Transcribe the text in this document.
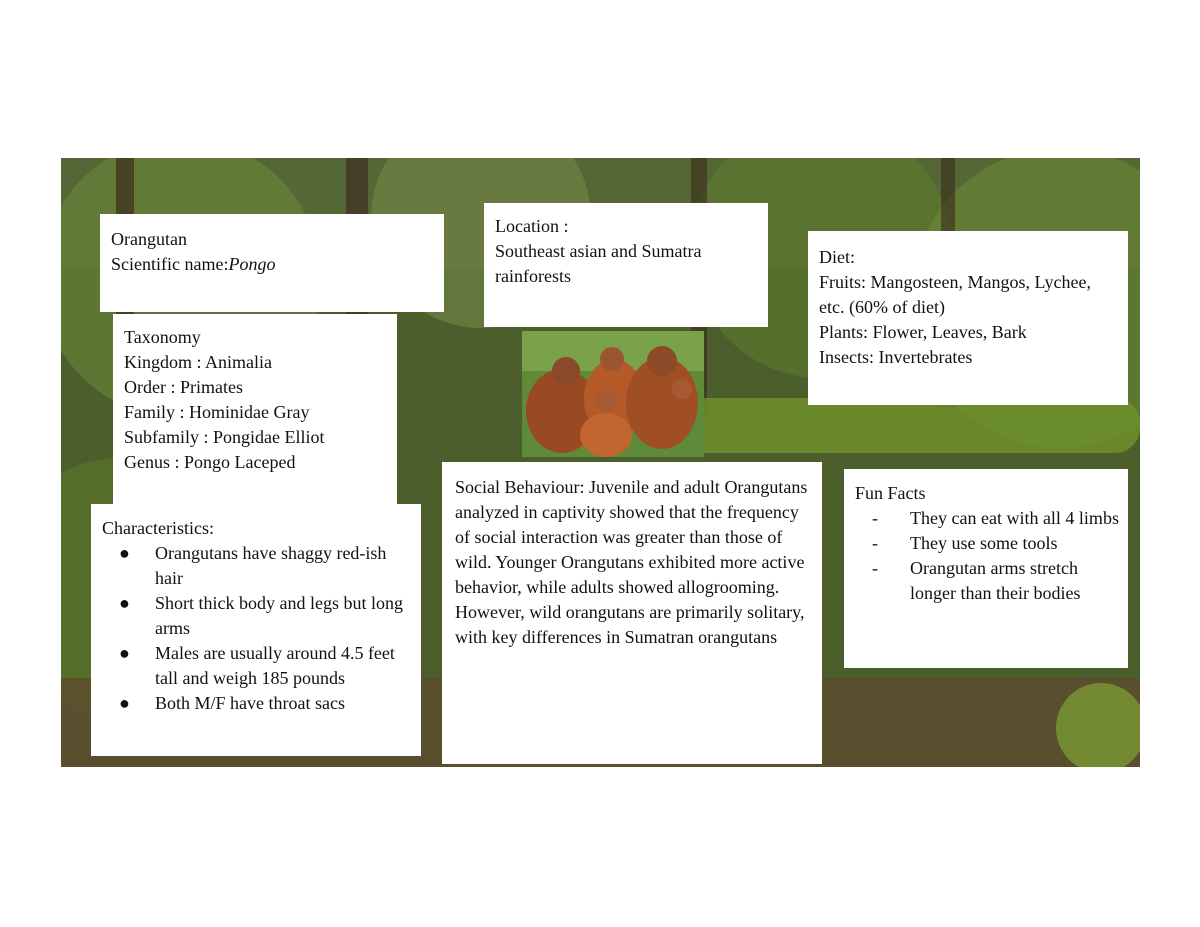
Orangutan

Scientific name:Pongo

Taxonomy

Kingdom : Animalia

Order : Primates

Family : Hominidae Gray

Subfamily : Pongidae Elliot

Genus : Pongo Laceped

Characteristics:

● Orangutans have shaggy red-ish hair
● Short thick body and legs but long arms
● Males are usually around 4.5 feet tall and weigh 185 pounds
● Both M/F have throat sacs

Location :

Southeast asian and Sumatra rainforests

Diet:

Fruits: Mangosteen, Mangos, Lychee, etc. (60% of diet)

Plants: Flower, Leaves, Bark

Insects: Invertebrates

Social Behaviour: Juvenile and adult Orangutans analyzed in captivity showed that the frequency of social interaction was greater than those of wild. Younger Orangutans exhibited more active behavior, while adults showed allogrooming.

However, wild orangutans are primarily solitary, with key differences in Sumatran orangutans

Fun Facts

- They can eat with all 4 limbs
- They use some tools
- Orangutan arms stretch longer than their bodies
